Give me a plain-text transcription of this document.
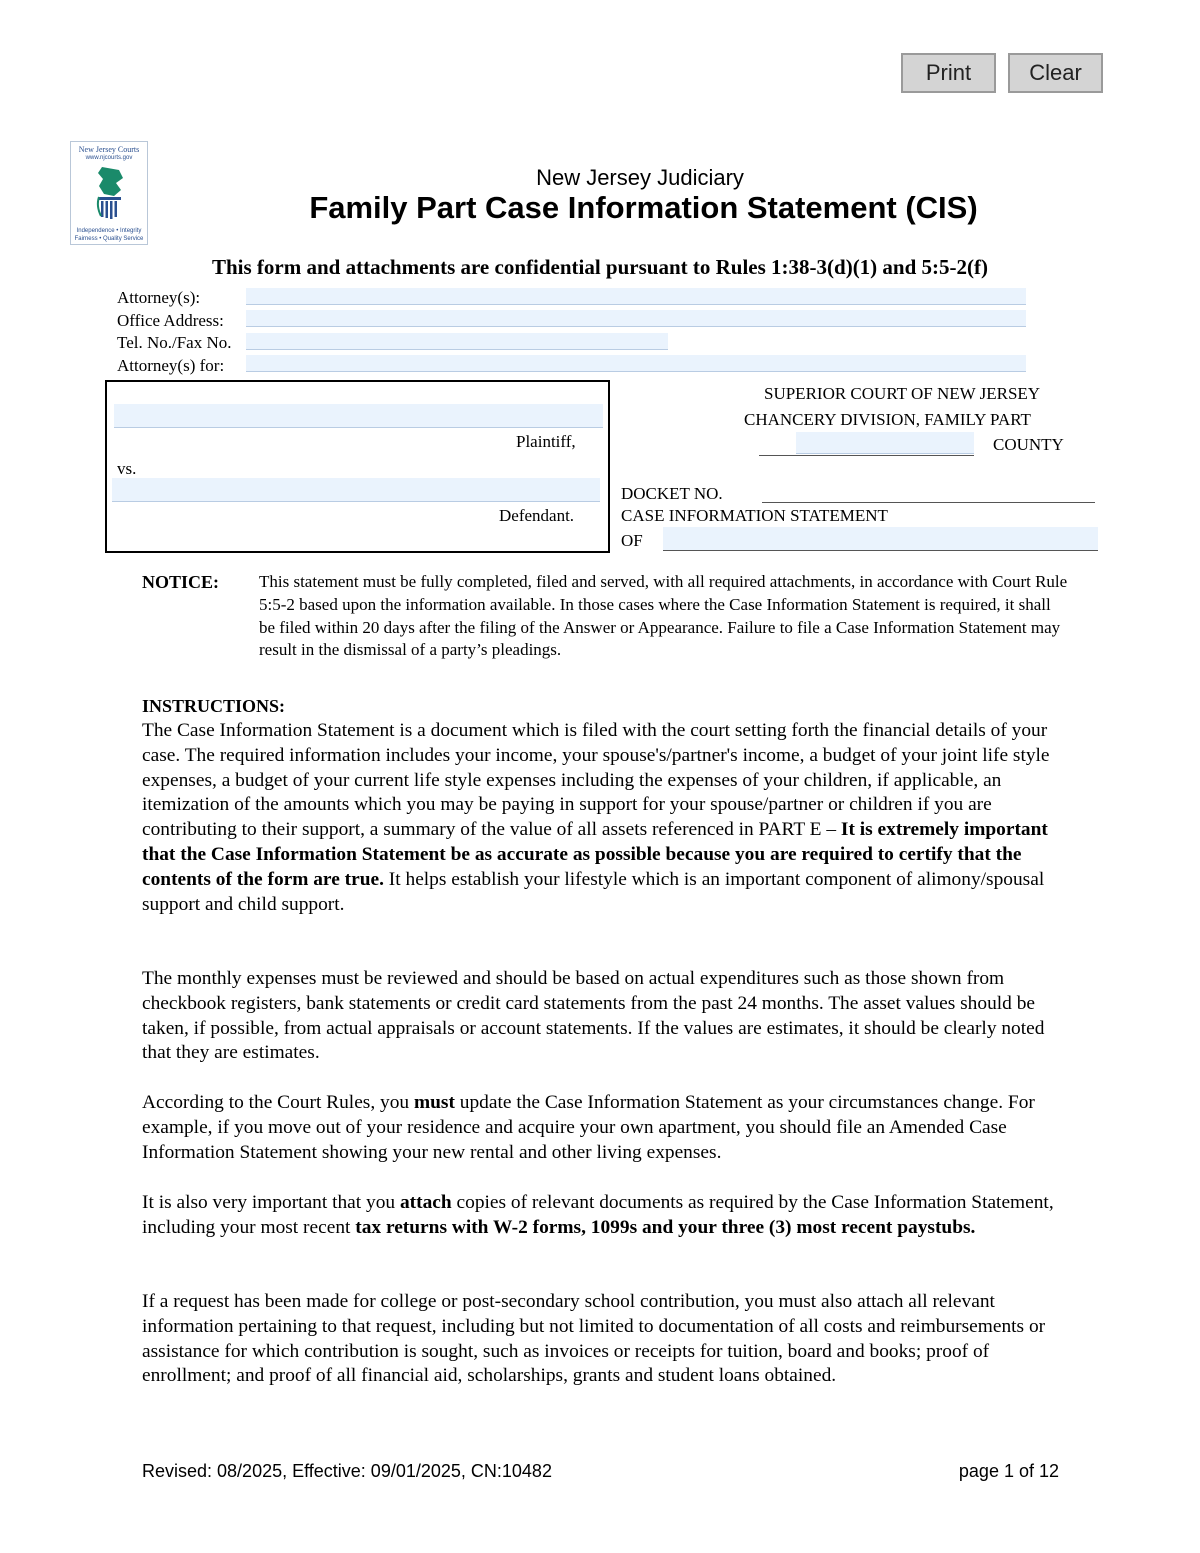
Print	Clear
New Jersey Courts
www.njcourts.gov
Independence • Integrity
Fairness • Quality Service
New Jersey Judiciary
Family Part Case Information Statement (CIS)
This form and attachments are confidential pursuant to Rules 1:38-3(d)(1) and 5:5-2(f)
Attorney(s):
Office Address:
Tel. No./Fax No.
Attorney(s) for:
Plaintiff,
vs.
Defendant.
SUPERIOR COURT OF NEW JERSEY
CHANCERY DIVISION, FAMILY PART
COUNTY
DOCKET NO.
CASE INFORMATION STATEMENT
OF
NOTICE: This statement must be fully completed, filed and served, with all required attachments, in accordance with Court Rule 5:5-2 based upon the information available. In those cases where the Case Information Statement is required, it shall be filed within 20 days after the filing of the Answer or Appearance. Failure to file a Case Information Statement may result in the dismissal of a party’s pleadings.
INSTRUCTIONS:

The Case Information Statement is a document which is filed with the court setting forth the financial details of your case. The required information includes your income, your spouse's/partner's income, a budget of your joint life style expenses, a budget of your current life style expenses including the expenses of your children, if applicable, an itemization of the amounts which you may be paying in support for your spouse/partner or children if you are contributing to their support, a summary of the value of all assets referenced in PART E – It is extremely important that the Case Information Statement be as accurate as possible because you are required to certify that the contents of the form are true. It helps establish your lifestyle which is an important component of alimony/spousal support and child support.

The monthly expenses must be reviewed and should be based on actual expenditures such as those shown from checkbook registers, bank statements or credit card statements from the past 24 months. The asset values should be taken, if possible, from actual appraisals or account statements. If the values are estimates, it should be clearly noted that they are estimates.

According to the Court Rules, you must update the Case Information Statement as your circumstances change. For example, if you move out of your residence and acquire your own apartment, you should file an Amended Case Information Statement showing your new rental and other living expenses.

It is also very important that you attach copies of relevant documents as required by the Case Information Statement, including your most recent tax returns with W-2 forms, 1099s and your three (3) most recent paystubs.

If a request has been made for college or post-secondary school contribution, you must also attach all relevant information pertaining to that request, including but not limited to documentation of all costs and reimbursements or assistance for which contribution is sought, such as invoices or receipts for tuition, board and books; proof of enrollment; and proof of all financial aid, scholarships, grants and student loans obtained.

Revised: 08/2025, Effective: 09/01/2025, CN:10482	page 1 of 12
